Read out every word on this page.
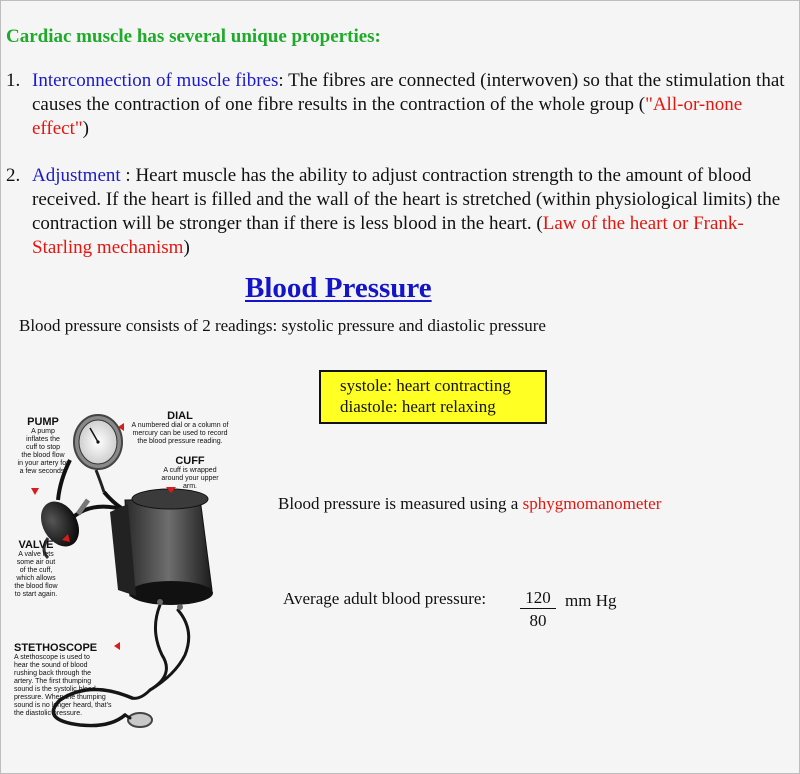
Cardiac muscle has several unique properties:
1. Interconnection of muscle fibres: The fibres are connected (interwoven) so that the stimulation that causes the contraction of one fibre results in the contraction of the whole group ("All-or-none effect")
2. Adjustment : Heart muscle has the ability to adjust contraction strength to the amount of blood received. If the heart is filled and the wall of the heart is stretched (within physiological limits) the contraction will be stronger than if there is less blood in the heart. (Law of the heart or Frank-Starling mechanism)
Blood Pressure
Blood pressure consists of 2 readings: systolic pressure and diastolic pressure
systole: heart contracting
diastole: heart relaxing
Blood pressure is measured using a sphygmomanometer
Average adult blood pressure: $\frac{120}{80}$ mm Hg
PUMP
A pump
inflates the
cuff to stop
the blood flow
in your artery for
a few seconds.
DIAL
A numbered dial or a column of
mercury can be used to record
the blood pressure reading.
CUFF
A cuff is wrapped
around your upper
arm.
VALVE
A valve lets
some air out
of the cuff,
which allows
the blood flow
to start again.
STETHOSCOPE
A stethoscope is used to
hear the sound of blood
rushing back through the
artery. The first thumping
sound is the systolic blood
pressure. When the thumping
sound is no longer heard, that's
the diastolic pressure.
